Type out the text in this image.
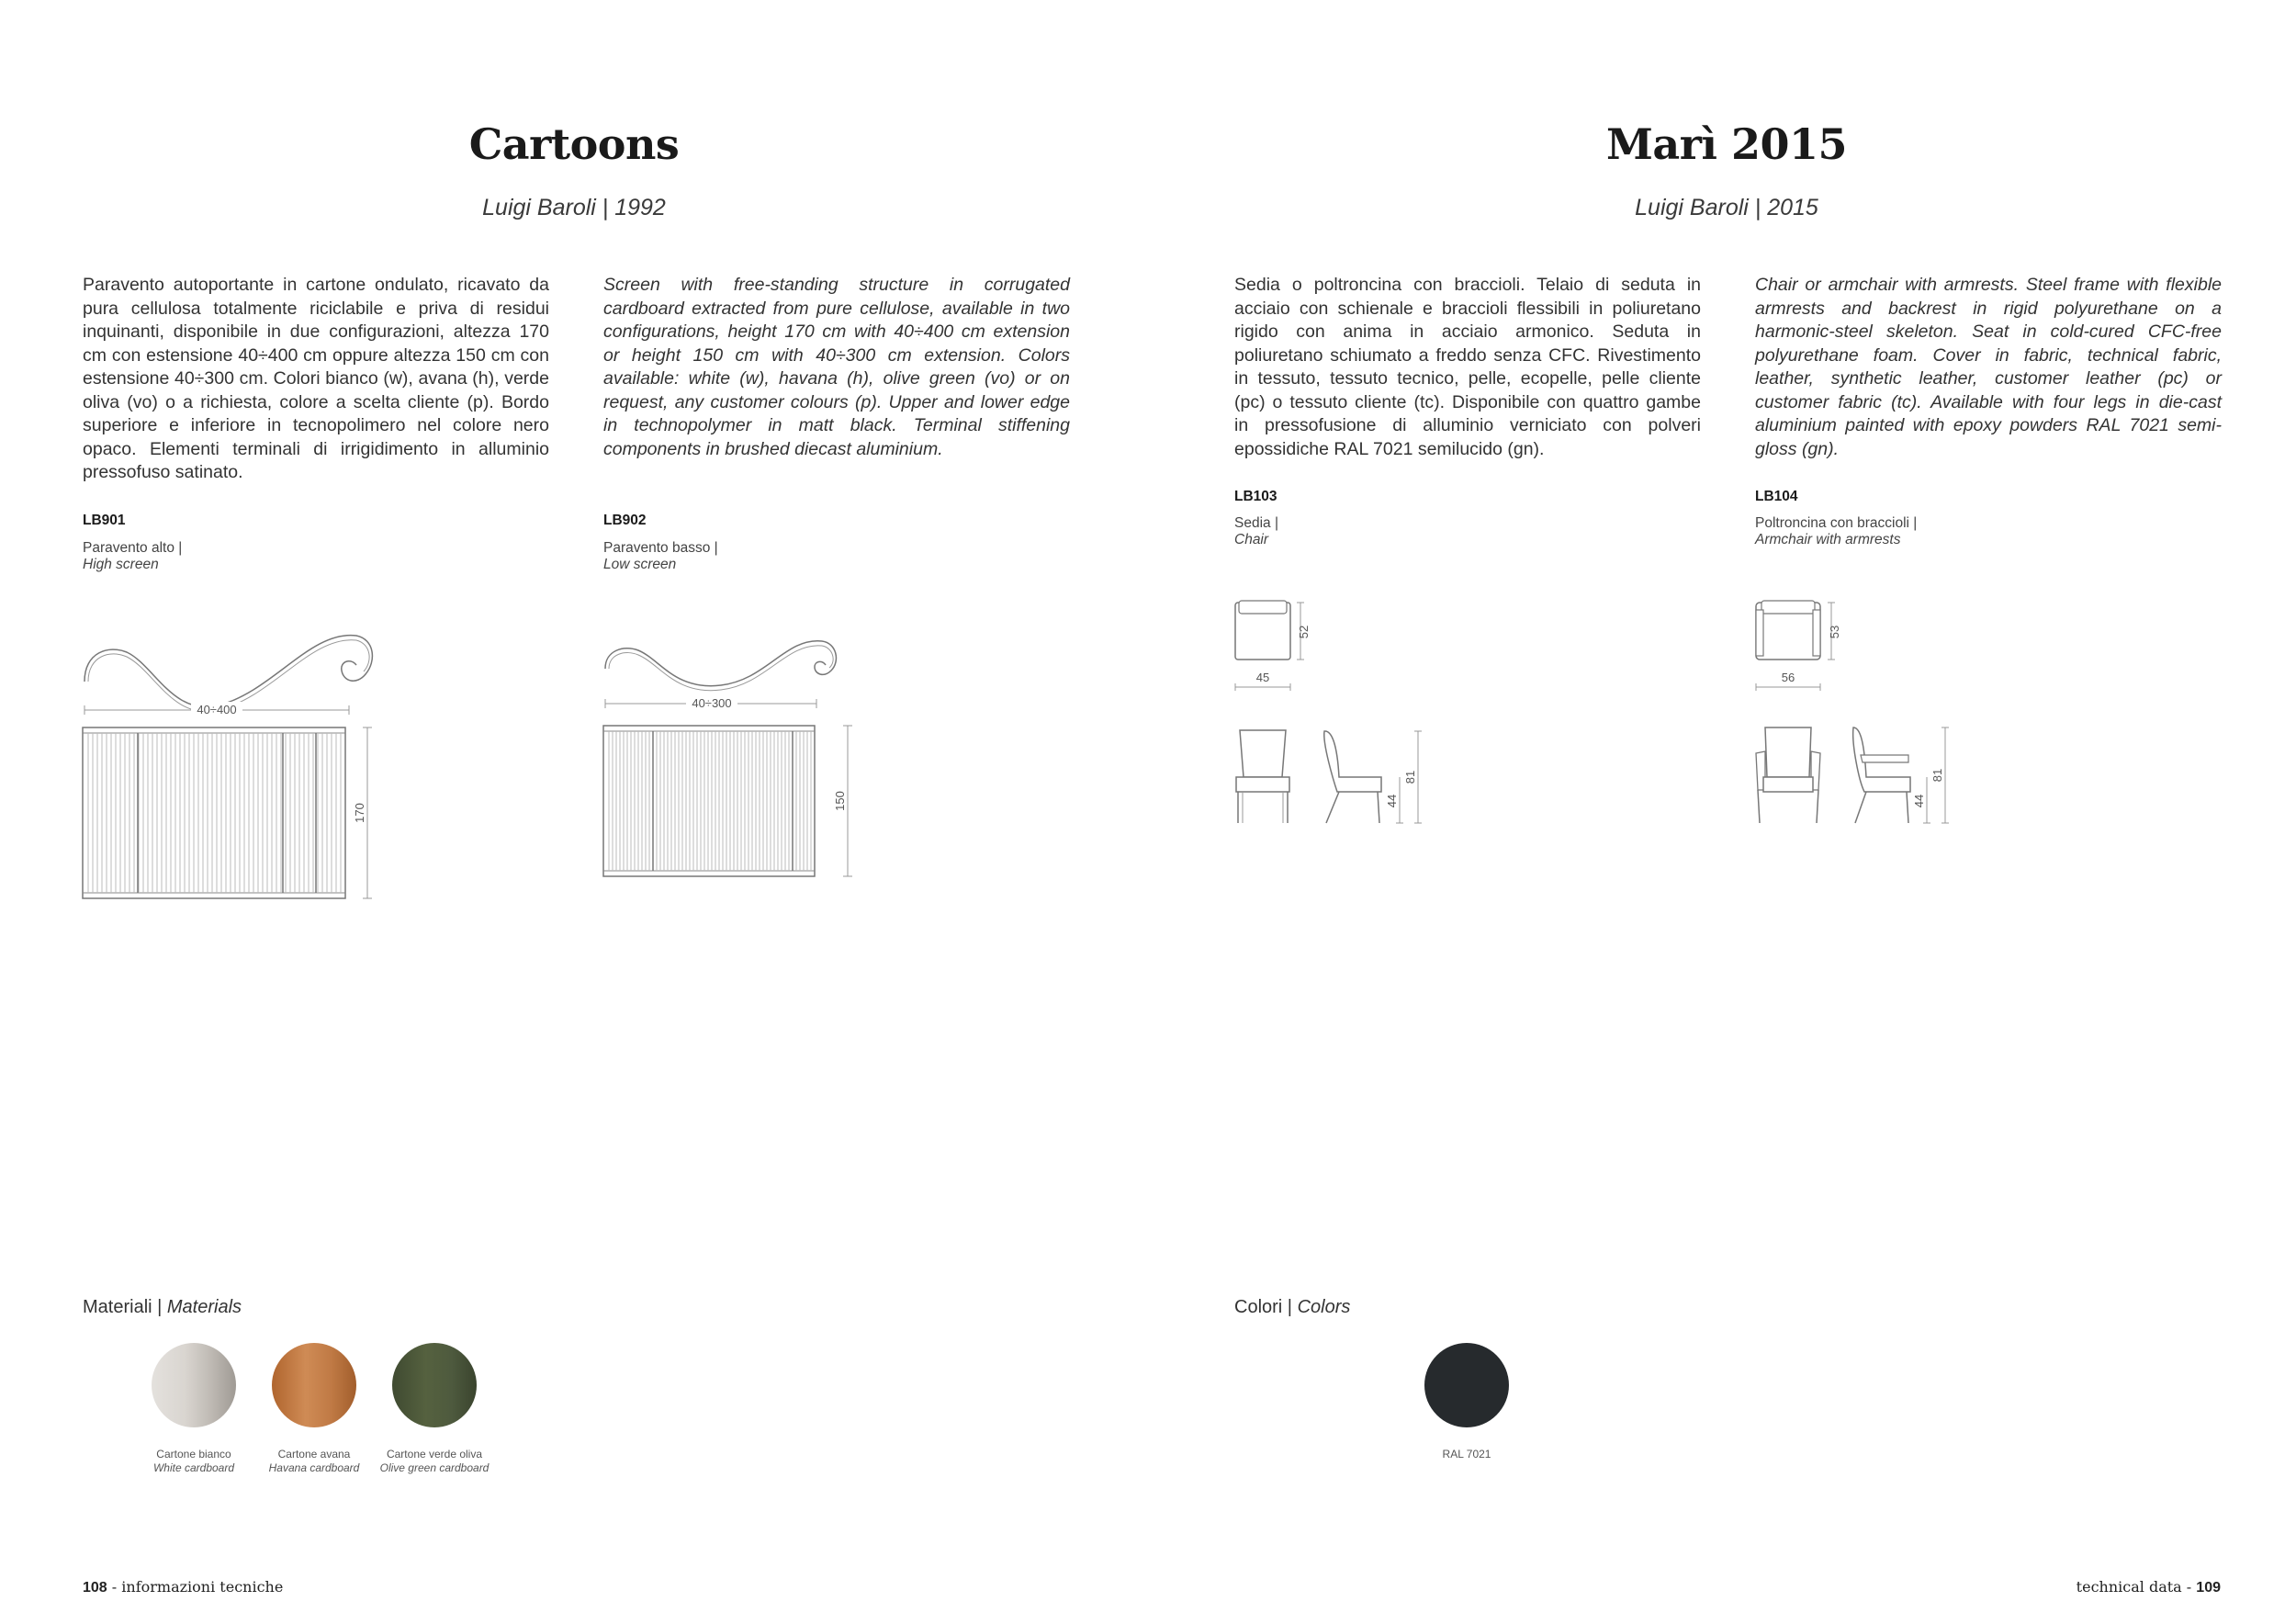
Cartoons
Luigi Baroli | 1992
Paravento autoportante in cartone ondulato, ricavato da pura cellulosa totalmente riciclabile e priva di residui inquinanti, disponibile in due configurazioni, altezza 170 cm con estensione 40÷400 cm oppure altezza 150 cm con estensione 40÷300 cm. Colori bianco (w), avana (h), verde oliva (vo) o a richiesta, colore a scelta cliente (p). Bordo superiore e inferiore in tecnopolimero nel colore nero opaco. Elementi terminali di irrigidimento in alluminio pressofuso satinato.
Screen with free-standing structure in corrugated cardboard extracted from pure cellulose, available in two configurations, height 170 cm with 40÷400 cm extension or height 150 cm with 40÷300 cm extension. Colors available: white (w), havana (h), olive green (vo) or on request, any customer colours (p). Upper and lower edge in technopolymer in matt black. Terminal stiffening components in brushed diecast aluminium.
LB901
Paravento alto |
High screen
LB902
Paravento basso |
Low screen
40÷400
170
40÷300
150
Materiali | Materials
Cartone bianco
White cardboard
Cartone avana
Havana cardboard
Cartone verde oliva
Olive green cardboard
108 - informazioni tecniche
Marì 2015
Luigi Baroli | 2015
Sedia o poltroncina con braccioli. Telaio di seduta in acciaio con schienale e braccioli flessibili in poliuretano rigido con anima in acciaio armonico. Seduta in poliuretano schiumato a freddo senza CFC. Rivestimento in tessuto, tessuto tecnico, pelle, ecopelle, pelle cliente (pc) o tessuto cliente (tc). Disponibile con quattro gambe in pressofusione di alluminio verniciato con polveri epossidiche RAL 7021 semilucido (gn).
Chair or armchair with armrests. Steel frame with flexible armrests and backrest in rigid polyurethane on a harmonic-steel skeleton. Seat in cold-cured CFC-free polyurethane foam. Cover in fabric, technical fabric, leather, synthetic leather, customer leather (pc) or customer fabric (tc). Available with four legs in die-cast aluminium painted with epoxy powders RAL 7021 semi-gloss (gn).
LB103
Sedia |
Chair
LB104
Poltroncina con braccioli |
Armchair with armrests
52
45
44
81
53
56
44
81
Colori | Colors
RAL 7021
technical data - 109
